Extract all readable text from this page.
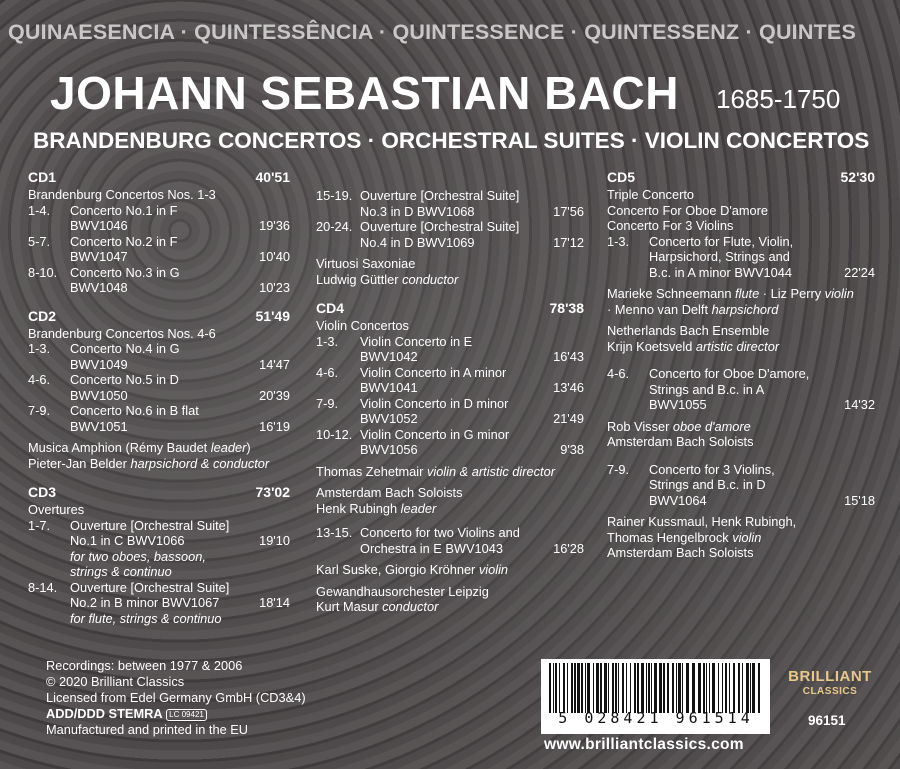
QUINAESENCIA · QUINTESSÊNCIA · QUINTESSENCE · QUINTESSENZ · QUINTES
JOHANN SEBASTIAN BACH 1685-1750
BRANDENBURG CONCERTOS · ORCHESTRAL SUITES · VIOLIN CONCERTOS
CD1	40'51
Brandenburg Concertos Nos. 1-3
1-4. Concerto No.1 in F
BWV1046	19'36
5-7. Concerto No.2 in F
BWV1047	10'40
8-10. Concerto No.3 in G
BWV1048	10'23
CD2	51'49
Brandenburg Concertos Nos. 4-6
1-3. Concerto No.4 in G
BWV1049	14'47
4-6. Concerto No.5 in D
BWV1050	20'39
7-9. Concerto No.6 in B flat
BWV1051	16'19
Musica Amphion (Rémy Baudet leader)
Pieter-Jan Belder harpsichord & conductor
CD3	73'02
Overtures
1-7. Ouverture [Orchestral Suite]
No.1 in C BWV1066	19'10
for two oboes, bassoon,
strings & continuo
8-14. Ouverture [Orchestral Suite]
No.2 in B minor BWV1067	18'14
for flute, strings & continuo
15-19. Ouverture [Orchestral Suite]
No.3 in D BWV1068	17'56
20-24. Ouverture [Orchestral Suite]
No.4 in D BWV1069	17'12
Virtuosi Saxoniae
Ludwig Güttler conductor
CD4	78'38
Violin Concertos
1-3. Violin Concerto in E
BWV1042	16'43
4-6. Violin Concerto in A minor
BWV1041	13'46
7-9. Violin Concerto in D minor
BWV1052	21'49
10-12. Violin Concerto in G minor
BWV1056	9'38
Thomas Zehetmair violin & artistic director
Amsterdam Bach Soloists
Henk Rubingh leader
13-15. Concerto for two Violins and
Orchestra in E BWV1043	16'28
Karl Suske, Giorgio Kröhner violin
Gewandhausorchester Leipzig
Kurt Masur conductor
CD5	52'30
Triple Concerto
Concerto For Oboe D'amore
Concerto For 3 Violins
1-3. Concerto for Flute, Violin,
Harpsichord, Strings and
B.c. in A minor BWV1044	22'24
Marieke Schneemann flute · Liz Perry violin
· Menno van Delft harpsichord
Netherlands Bach Ensemble
Krijn Koetsveld artistic director
4-6. Concerto for Oboe D'amore,
Strings and B.c. in A
BWV1055	14'32
Rob Visser oboe d'amore
Amsterdam Bach Soloists
7-9. Concerto for 3 Violins,
Strings and B.c. in D
BWV1064	15'18
Rainer Kussmaul, Henk Rubingh,
Thomas Hengelbrock violin
Amsterdam Bach Soloists
Recordings: between 1977 & 2006
© 2020 Brilliant Classics
Licensed from Edel Germany GmbH (CD3&4)
ADD/DDD STEMRA LC 09421
Manufactured and printed in the EU
5 028421 961514
BRILLIANT
CLASSICS
96151
www.brilliantclassics.com
